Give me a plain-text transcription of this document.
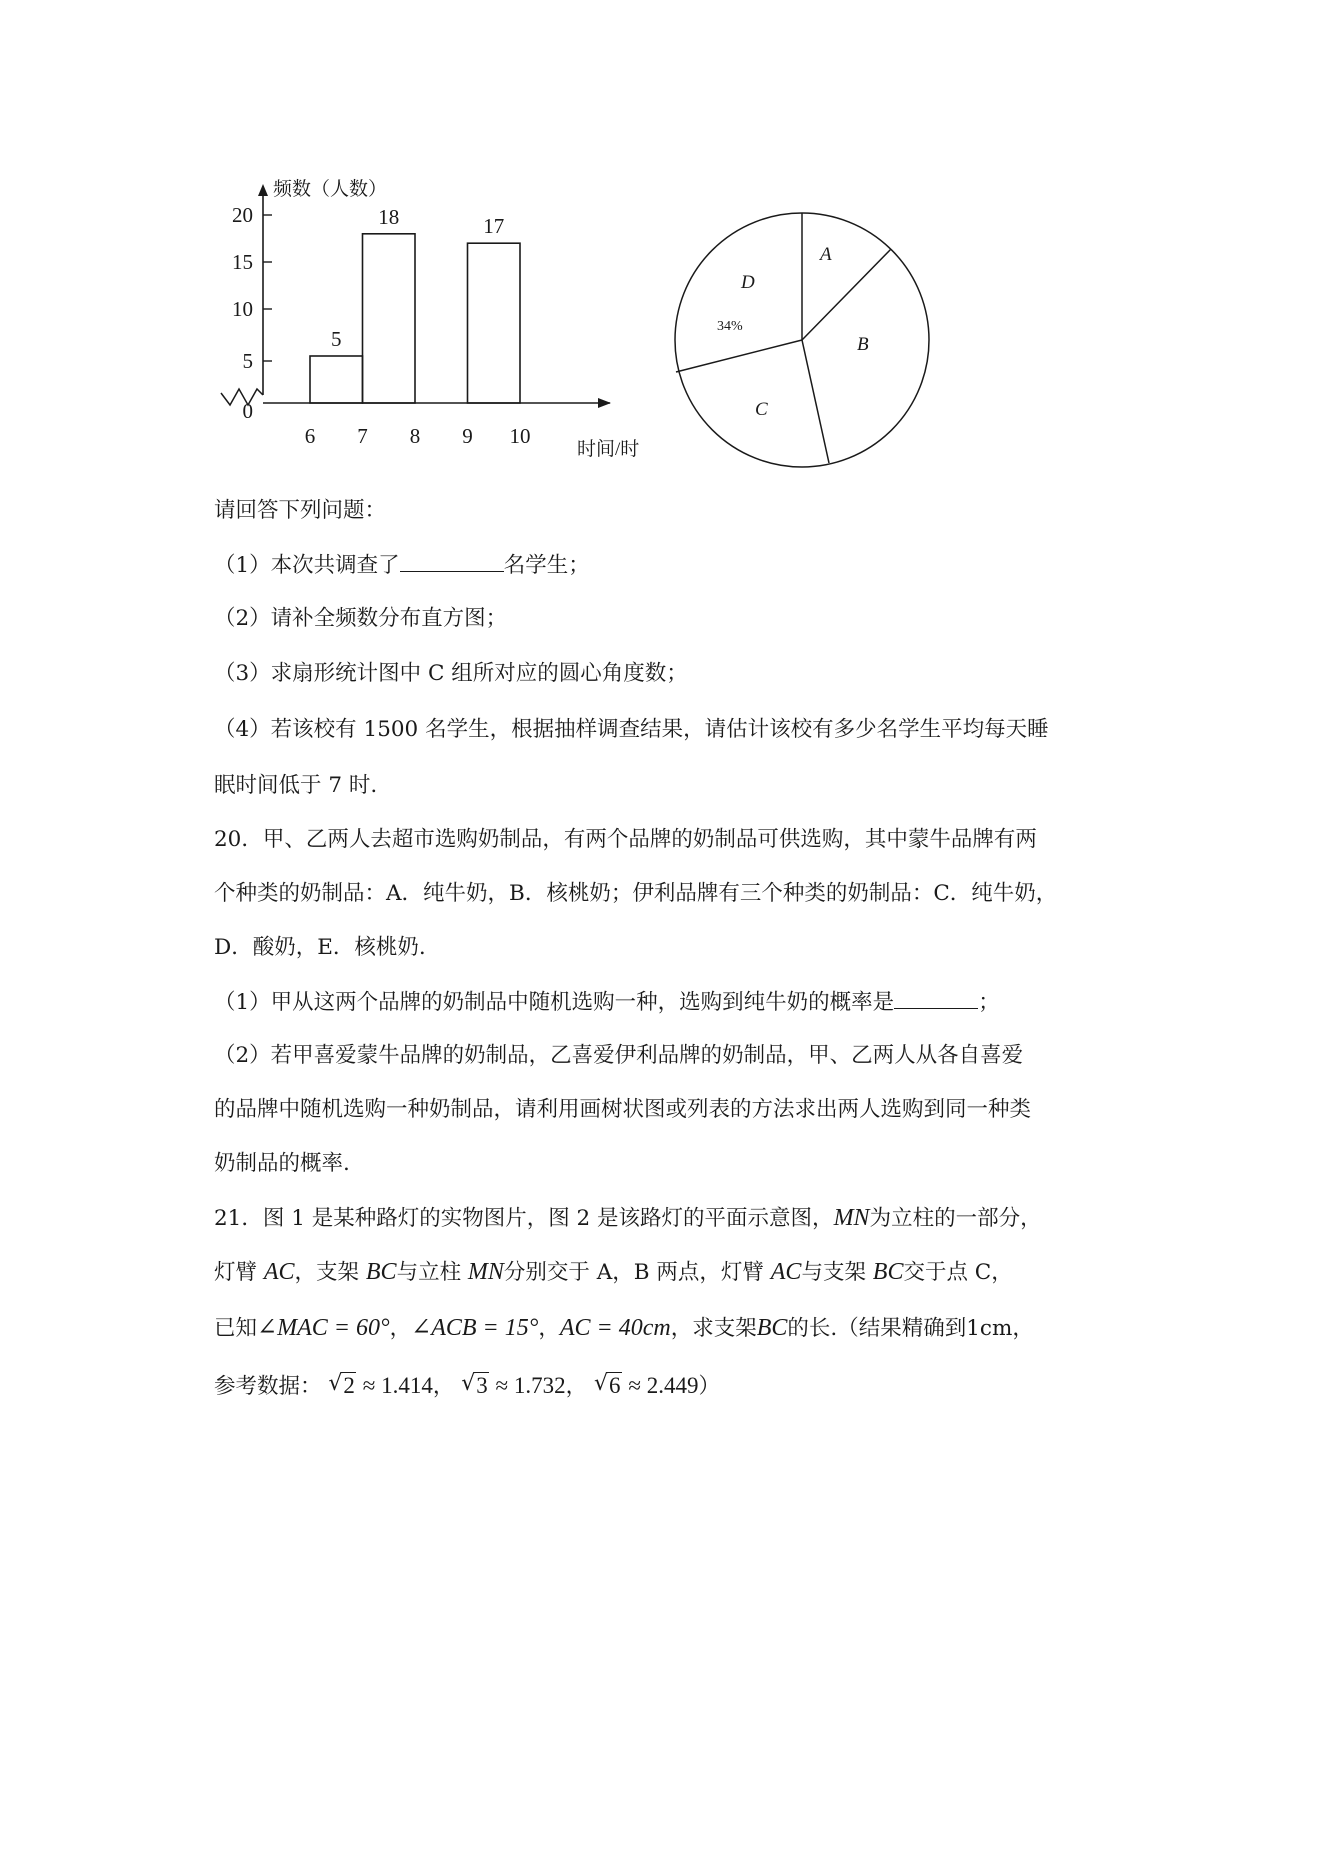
0
5
10
15
20
6 7 8 9 10
5
18	17
频数（人数）
时间/时
A
B
C
D
34%
请回答下列问题：
（1）本次共调查了	名学生；
（2）请补全频数分布直方图；
（3）求扇形统计图中 C 组所对应的圆心角度数；
（4）若该校有 1500 名学生，根据抽样调查结果，请估计该校有多少名学生平均每天睡
眠时间低于 7 时.
20．甲、乙两人去超市选购奶制品，有两个品牌的奶制品可供选购，其中蒙牛品牌有两
个种类的奶制品：A．纯牛奶，B．核桃奶；伊利品牌有三个种类的奶制品：C．纯牛奶，
D．酸奶，E．核桃奶.
（1）甲从这两个品牌的奶制品中随机选购一种，选购到纯牛奶的概率是	；
（2）若甲喜爱蒙牛品牌的奶制品，乙喜爱伊利品牌的奶制品，甲、乙两人从各自喜爱
的品牌中随机选购一种奶制品，请利用画树状图或列表的方法求出两人选购到同一种类
奶制品的概率.
21．图 1 是某种路灯的实物图片，图 2 是该路灯的平面示意图，MN为立柱的一部分，
灯臂 AC，支架 BC与立柱 MN分别交于 A，B 两点，灯臂 AC与支架 BC交于点 C，
已知∠MAC = 60°，∠ACB = 15°，AC = 40cm，求支架BC的长.（结果精确到1cm，
参考数据： √ 2 ≈ 1.414， √ 3 ≈ 1.732， √ 6 ≈ 2.449）
